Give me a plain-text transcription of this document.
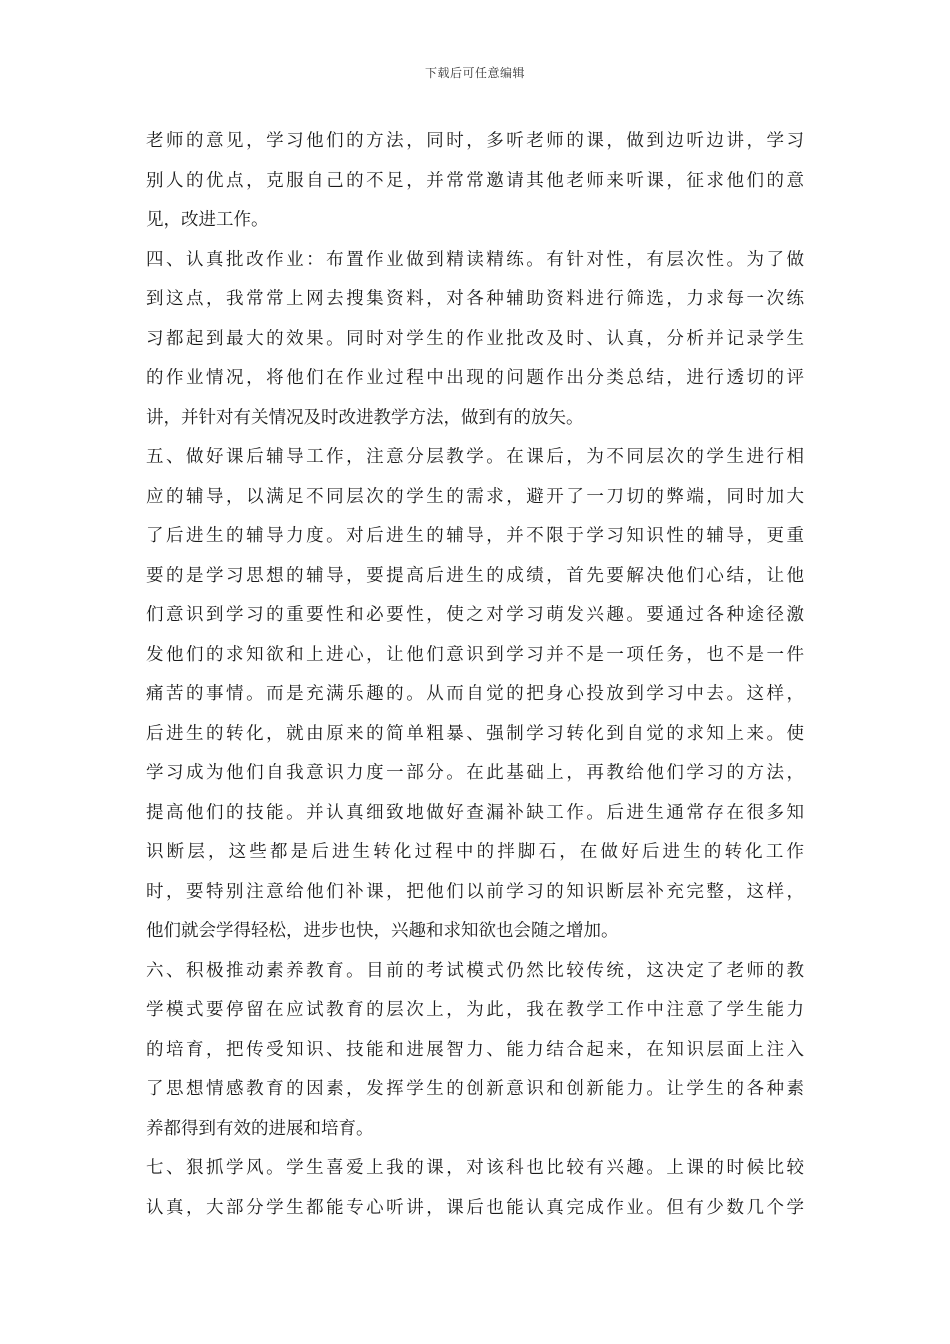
下载后可任意编辑
老师的意见，学习他们的方法，同时，多听老师的课，做到边听边讲，学习
别人的优点，克服自己的不足，并常常邀请其他老师来听课，征求他们的意
见，改进工作。
四、认真批改作业：布置作业做到精读精练。有针对性，有层次性。为了做
到这点，我常常上网去搜集资料，对各种辅助资料进行筛选，力求每一次练
习都起到最大的效果。同时对学生的作业批改及时、认真，分析并记录学生
的作业情况，将他们在作业过程中出现的问题作出分类总结，进行透切的评
讲，并针对有关情况及时改进教学方法，做到有的放矢。
五、做好课后辅导工作，注意分层教学。在课后，为不同层次的学生进行相
应的辅导，以满足不同层次的学生的需求，避开了一刀切的弊端，同时加大
了后进生的辅导力度。对后进生的辅导，并不限于学习知识性的辅导，更重
要的是学习思想的辅导，要提高后进生的成绩，首先要解决他们心结，让他
们意识到学习的重要性和必要性，使之对学习萌发兴趣。要通过各种途径激
发他们的求知欲和上进心，让他们意识到学习并不是一项任务，也不是一件
痛苦的事情。而是充满乐趣的。从而自觉的把身心投放到学习中去。这样，
后进生的转化，就由原来的简单粗暴、强制学习转化到自觉的求知上来。使
学习成为他们自我意识力度一部分。在此基础上，再教给他们学习的方法，
提高他们的技能。并认真细致地做好查漏补缺工作。后进生通常存在很多知
识断层，这些都是后进生转化过程中的拌脚石，在做好后进生的转化工作
时，要特别注意给他们补课，把他们以前学习的知识断层补充完整，这样，
他们就会学得轻松，进步也快，兴趣和求知欲也会随之增加。
六、积极推动素养教育。目前的考试模式仍然比较传统，这决定了老师的教
学模式要停留在应试教育的层次上，为此，我在教学工作中注意了学生能力
的培育，把传受知识、技能和进展智力、能力结合起来，在知识层面上注入
了思想情感教育的因素，发挥学生的创新意识和创新能力。让学生的各种素
养都得到有效的进展和培育。
七、狠抓学风。学生喜爱上我的课，对该科也比较有兴趣。上课的时候比较
认真，大部分学生都能专心听讲，课后也能认真完成作业。但有少数几个学
